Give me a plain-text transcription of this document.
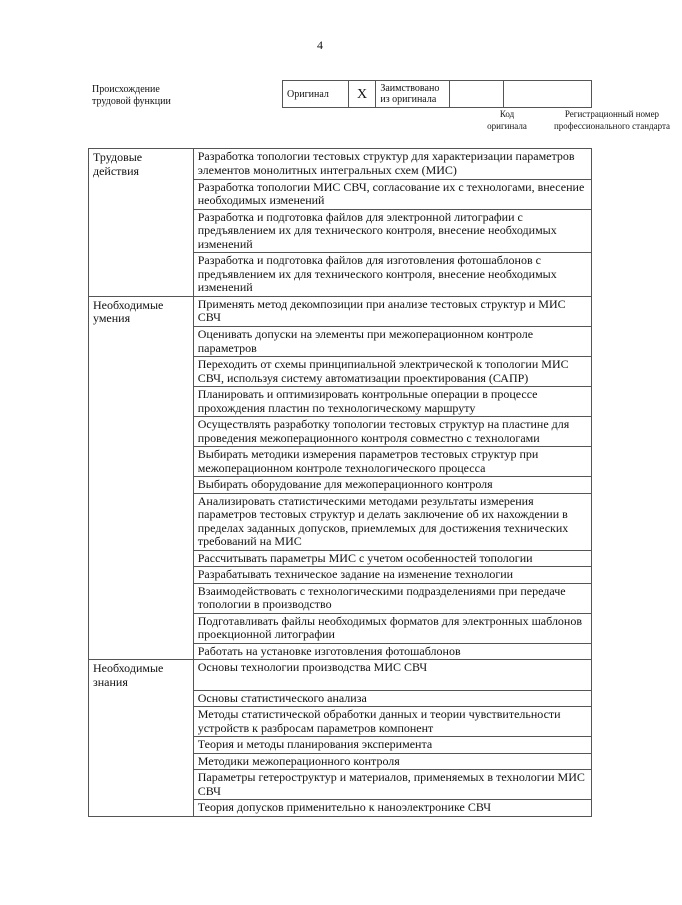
4
Происхождение трудовой функции
Оригинал	X	Заимствовано из оригинала		
Код оригинала
Регистрационный номер профессионального стандарта
Трудовые действия	Разработка топологии тестовых структур для характеризации параметров элементов монолитных интегральных схем (МИС)
	Разработка топологии МИС СВЧ, согласование их с технологами, внесение необходимых изменений
	Разработка и подготовка файлов для электронной литографии с предъявлением их для технического контроля, внесение необходимых изменений
	Разработка и подготовка файлов для изготовления фотошаблонов с предъявлением их для технического контроля, внесение необходимых изменений

Необходимые умения	Применять метод декомпозиции при анализе тестовых структур и МИС СВЧ
	Оценивать допуски на элементы при межоперационном контроле параметров
	Переходить от схемы принципиальной электрической к топологии МИС СВЧ, используя систему автоматизации проектирования (САПР)
	Планировать и оптимизировать контрольные операции в процессе прохождения пластин по технологическому маршруту
	Осуществлять разработку топологии тестовых структур на пластине для проведения межоперационного контроля совместно с технологами
	Выбирать методики измерения параметров тестовых структур при межоперационном контроле технологического процесса
	Выбирать оборудование для межоперационного контроля
	Анализировать статистическими методами результаты измерения параметров тестовых структур и делать заключение об их нахождении в пределах заданных допусков, приемлемых для достижения технических требований на МИС
	Рассчитывать параметры МИС с учетом особенностей топологии
	Разрабатывать техническое задание на изменение технологии
	Взаимодействовать с технологическими подразделениями при передаче топологии в производство
	Подготавливать файлы необходимых форматов для электронных шаблонов проекционной литографии
	Работать на установке изготовления фотошаблонов

Необходимые знания	Основы технологии производства МИС СВЧ
	Основы статистического анализа
	Методы статистической обработки данных и теории чувствительности устройств к разбросам параметров компонент
	Теория и методы планирования эксперимента
	Методики межоперационного контроля
	Параметры гетероструктур и материалов, применяемых в технологии МИС СВЧ
	Теория допусков применительно к наноэлектронике СВЧ
